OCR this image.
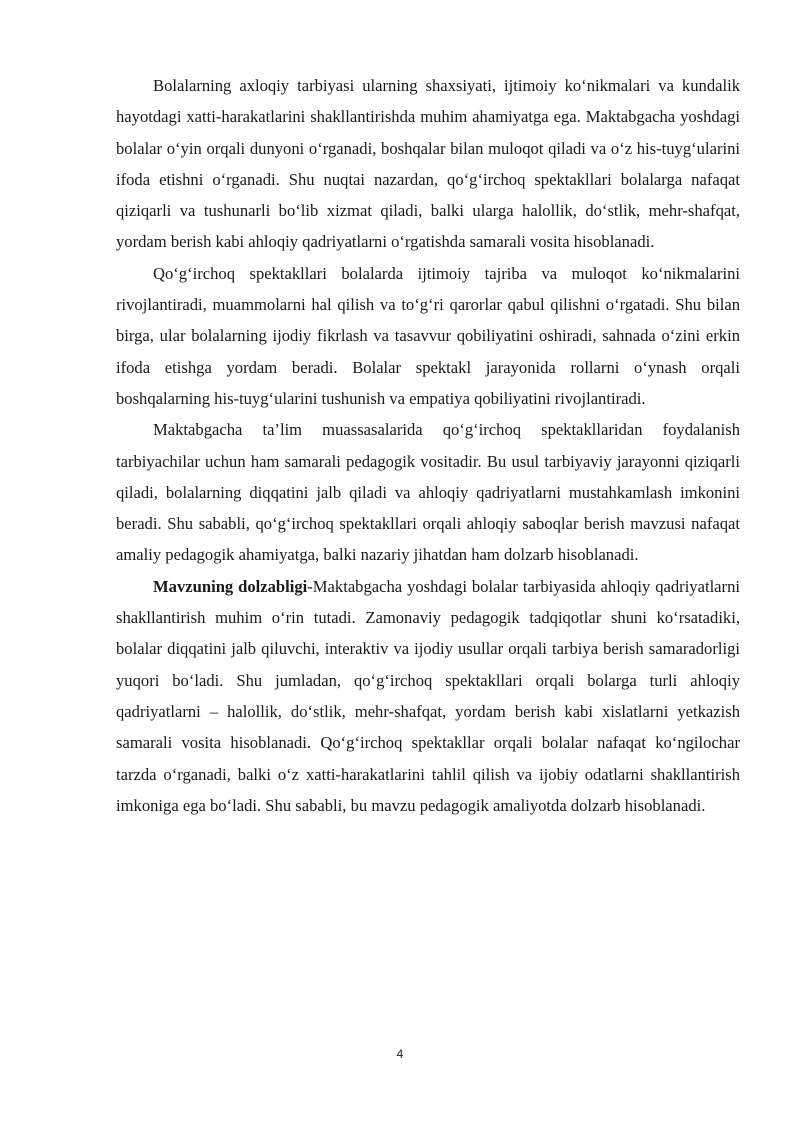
Bolalarning axloqiy tarbiyasi ularning shaxsiyati, ijtimoiy ko‘nikmalari va kundalik hayotdagi xatti-harakatlarini shakllantirishda muhim ahamiyatga ega. Maktabgacha yoshdagi bolalar o‘yin orqali dunyoni o‘rganadi, boshqalar bilan muloqot qiladi va o‘z his-tuyg‘ularini ifoda etishni o‘rganadi. Shu nuqtai nazardan, qo‘g‘irchoq spektakllari bolalarga nafaqat qiziqarli va tushunarli bo‘lib xizmat qiladi, balki ularga halollik, do‘stlik, mehr-shafqat, yordam berish kabi ahloqiy qadriyatlarni o‘rgatishda samarali vosita hisoblanadi.

Qo‘g‘irchoq spektakllari bolalarda ijtimoiy tajriba va muloqot ko‘nikmalarini rivojlantiradi, muammolarni hal qilish va to‘g‘ri qarorlar qabul qilishni o‘rgatadi. Shu bilan birga, ular bolalarning ijodiy fikrlash va tasavvur qobiliyatini oshiradi, sahnada o‘zini erkin ifoda etishga yordam beradi. Bolalar spektakl jarayonida rollarni o‘ynash orqali boshqalarning his-tuyg‘ularini tushunish va empatiya qobiliyatini rivojlantiradi.

Maktabgacha ta’lim muassasalarida qo‘g‘irchoq spektakllaridan foydalanish tarbiyachilar uchun ham samarali pedagogik vositadir. Bu usul tarbiyaviy jarayonni qiziqarli qiladi, bolalarning diqqatini jalb qiladi va ahloqiy qadriyatlarni mustahkamlash imkonini beradi. Shu sababli, qo‘g‘irchoq spektakllari orqali ahloqiy saboqlar berish mavzusi nafaqat amaliy pedagogik ahamiyatga, balki nazariy jihatdan ham dolzarb hisoblanadi.

Mavzuning dolzabligi-Maktabgacha yoshdagi bolalar tarbiyasida ahloqiy qadriyatlarni shakllantirish muhim o‘rin tutadi. Zamonaviy pedagogik tadqiqotlar shuni ko‘rsatadiki, bolalar diqqatini jalb qiluvchi, interaktiv va ijodiy usullar orqali tarbiya berish samaradorligi yuqori bo‘ladi. Shu jumladan, qo‘g‘irchoq spektakllari orqali bolarga turli ahloqiy qadriyatlarni – halollik, do‘stlik, mehr-shafqat, yordam berish kabi xislatlarni yetkazish samarali vosita hisoblanadi. Qo‘g‘irchoq spektakllar orqali bolalar nafaqat ko‘ngilochar tarzda o‘rganadi, balki o‘z xatti-harakatlarini tahlil qilish va ijobiy odatlarni shakllantirish imkoniga ega bo‘ladi. Shu sababli, bu mavzu pedagogik amaliyotda dolzarb hisoblanadi.

4
